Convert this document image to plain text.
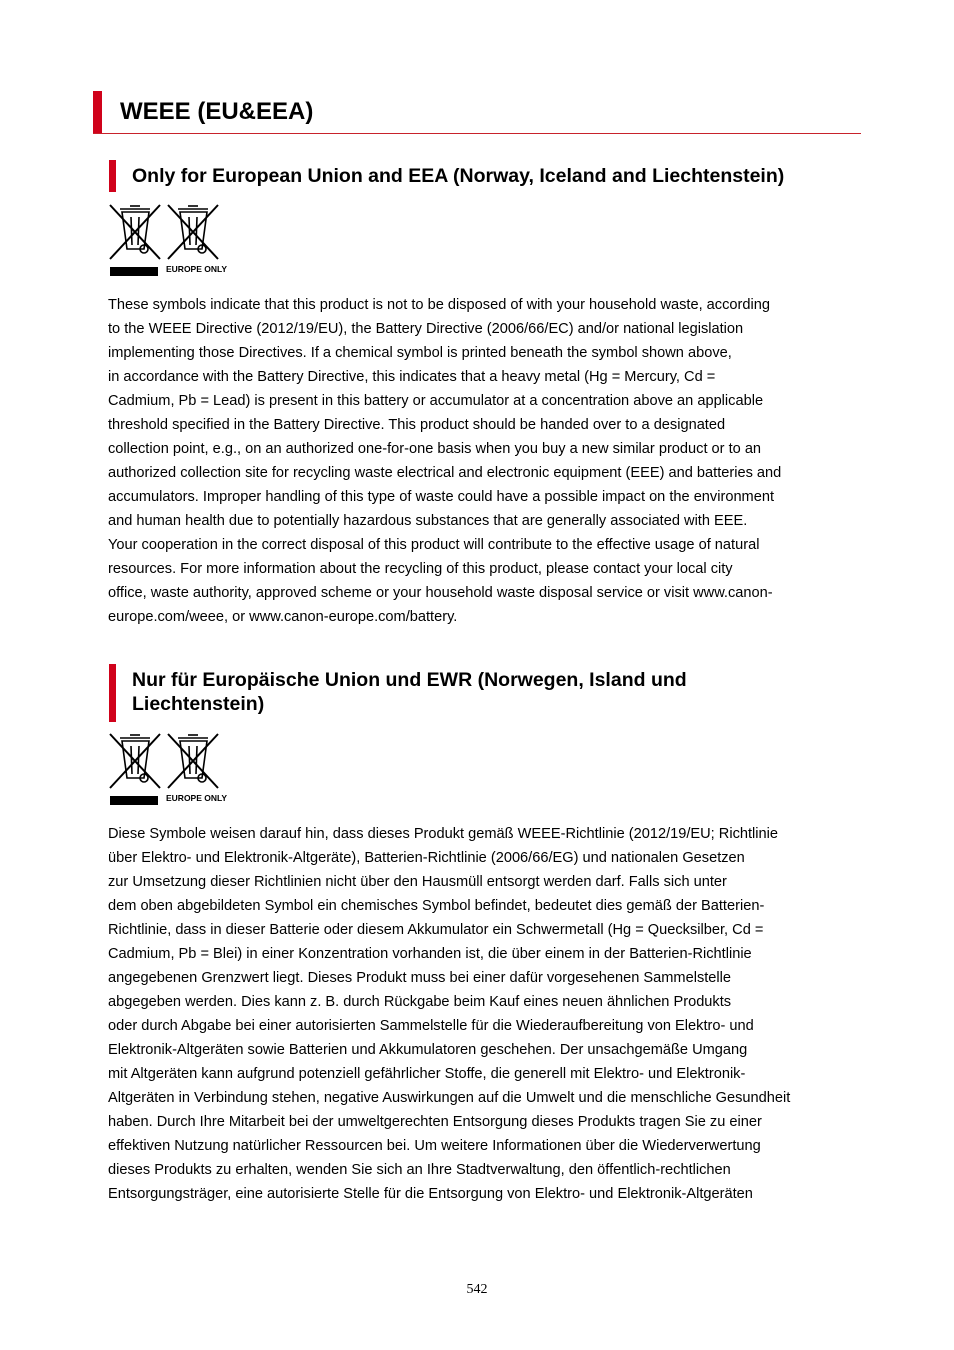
WEEE (EU&EEA)
Only for European Union and EEA (Norway, Iceland and Liechtenstein)
EUROPE ONLY
These symbols indicate that this product is not to be disposed of with your household waste, according
to the WEEE Directive (2012/19/EU), the Battery Directive (2006/66/EC) and/or national legislation
implementing those Directives. If a chemical symbol is printed beneath the symbol shown above,
in accordance with the Battery Directive, this indicates that a heavy metal (Hg = Mercury, Cd =
Cadmium, Pb = Lead) is present in this battery or accumulator at a concentration above an applicable
threshold specified in the Battery Directive. This product should be handed over to a designated
collection point, e.g., on an authorized one-for-one basis when you buy a new similar product or to an
authorized collection site for recycling waste electrical and electronic equipment (EEE) and batteries and
accumulators. Improper handling of this type of waste could have a possible impact on the environment
and human health due to potentially hazardous substances that are generally associated with EEE.
Your cooperation in the correct disposal of this product will contribute to the effective usage of natural
resources. For more information about the recycling of this product, please contact your local city
office, waste authority, approved scheme or your household waste disposal service or visit www.canon-
europe.com/weee, or www.canon-europe.com/battery.
Nur für Europäische Union und EWR (Norwegen, Island und
Liechtenstein)
EUROPE ONLY
Diese Symbole weisen darauf hin, dass dieses Produkt gemäß WEEE-Richtlinie (2012/19/EU; Richtlinie
über Elektro- und Elektronik-Altgeräte), Batterien-Richtlinie (2006/66/EG) und nationalen Gesetzen
zur Umsetzung dieser Richtlinien nicht über den Hausmüll entsorgt werden darf. Falls sich unter
dem oben abgebildeten Symbol ein chemisches Symbol befindet, bedeutet dies gemäß der Batterien-
Richtlinie, dass in dieser Batterie oder diesem Akkumulator ein Schwermetall (Hg = Quecksilber, Cd =
Cadmium, Pb = Blei) in einer Konzentration vorhanden ist, die über einem in der Batterien-Richtlinie
angegebenen Grenzwert liegt. Dieses Produkt muss bei einer dafür vorgesehenen Sammelstelle
abgegeben werden. Dies kann z. B. durch Rückgabe beim Kauf eines neuen ähnlichen Produkts
oder durch Abgabe bei einer autorisierten Sammelstelle für die Wiederaufbereitung von Elektro- und
Elektronik-Altgeräten sowie Batterien und Akkumulatoren geschehen. Der unsachgemäße Umgang
mit Altgeräten kann aufgrund potenziell gefährlicher Stoffe, die generell mit Elektro- und Elektronik-
Altgeräten in Verbindung stehen, negative Auswirkungen auf die Umwelt und die menschliche Gesundheit
haben. Durch Ihre Mitarbeit bei der umweltgerechten Entsorgung dieses Produkts tragen Sie zu einer
effektiven Nutzung natürlicher Ressourcen bei. Um weitere Informationen über die Wiederverwertung
dieses Produkts zu erhalten, wenden Sie sich an Ihre Stadtverwaltung, den öffentlich-rechtlichen
Entsorgungsträger, eine autorisierte Stelle für die Entsorgung von Elektro- und Elektronik-Altgeräten
542
